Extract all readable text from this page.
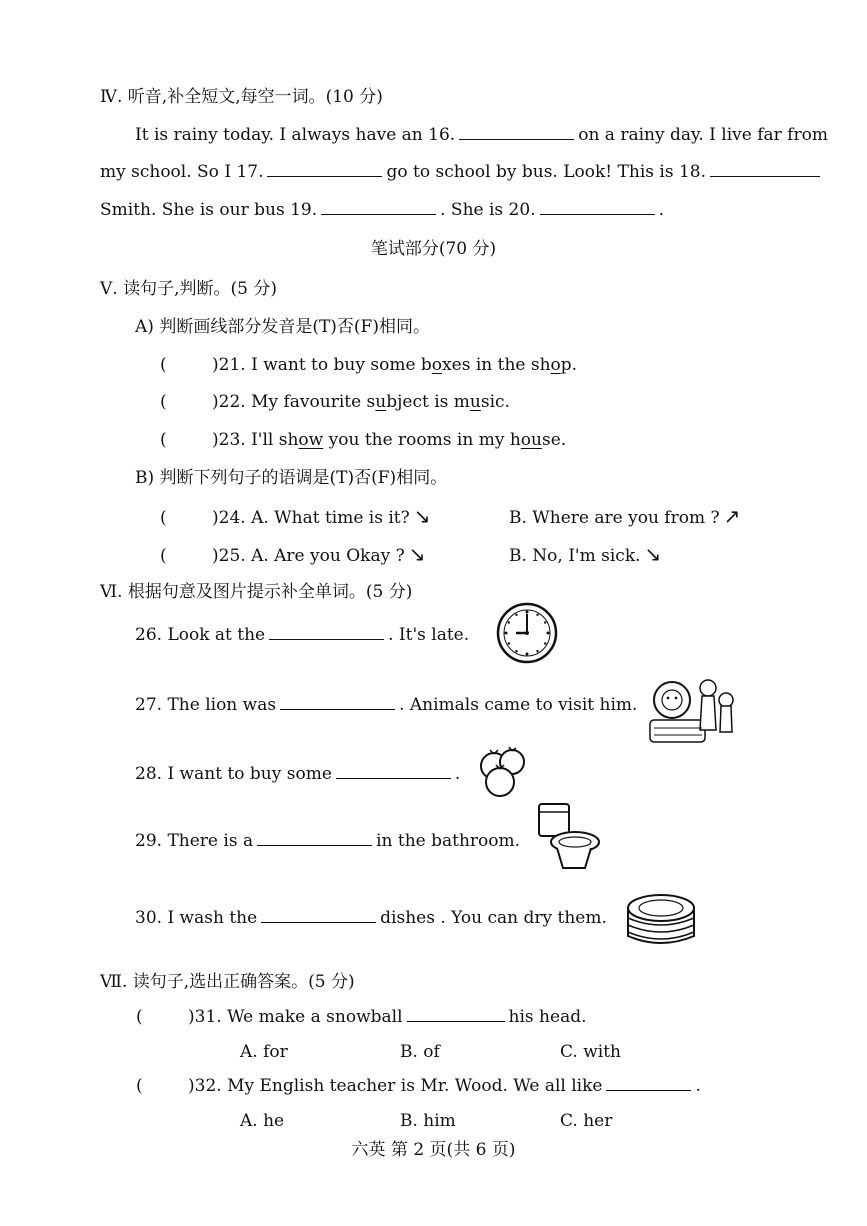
Ⅳ. 听音,补全短文,每空一词。(10 分)
It is rainy today. I always have an 16.	on a rainy day. I live far from
my school. So I 17.	go to school by bus. Look! This is 18.
Smith. She is our bus 19.	. She is 20.	.
笔试部分(70 分)
Ⅴ. 读句子,判断。(5 分)
A) 判断画线部分发音是(T)否(F)相同。
(	)21. I want to buy some boxes in the shop.
(	)22. My favourite subject is music.
(	)23. I'll show you the rooms in my house.
B) 判断下列句子的语调是(T)否(F)相同。
(	)24. A. What time is it? ↘	B. Where are you from ? ↗
(	)25. A. Are you Okay ? ↘	B. No, I'm sick. ↘
Ⅵ. 根据句意及图片提示补全单词。(5 分)
26. Look at the	. It's late.
27. The lion was	. Animals came to visit him.
28. I want to buy some	.
29. There is a	in the bathroom.
30. I wash the	dishes . You can dry them.
Ⅶ. 读句子,选出正确答案。(5 分)
(	)31. We make a snowball	his head.
A. for	B. of	C. with
(	)32. My English teacher is Mr. Wood. We all like	.
A. he	B. him	C. her
六英 第 2 页(共 6 页)
